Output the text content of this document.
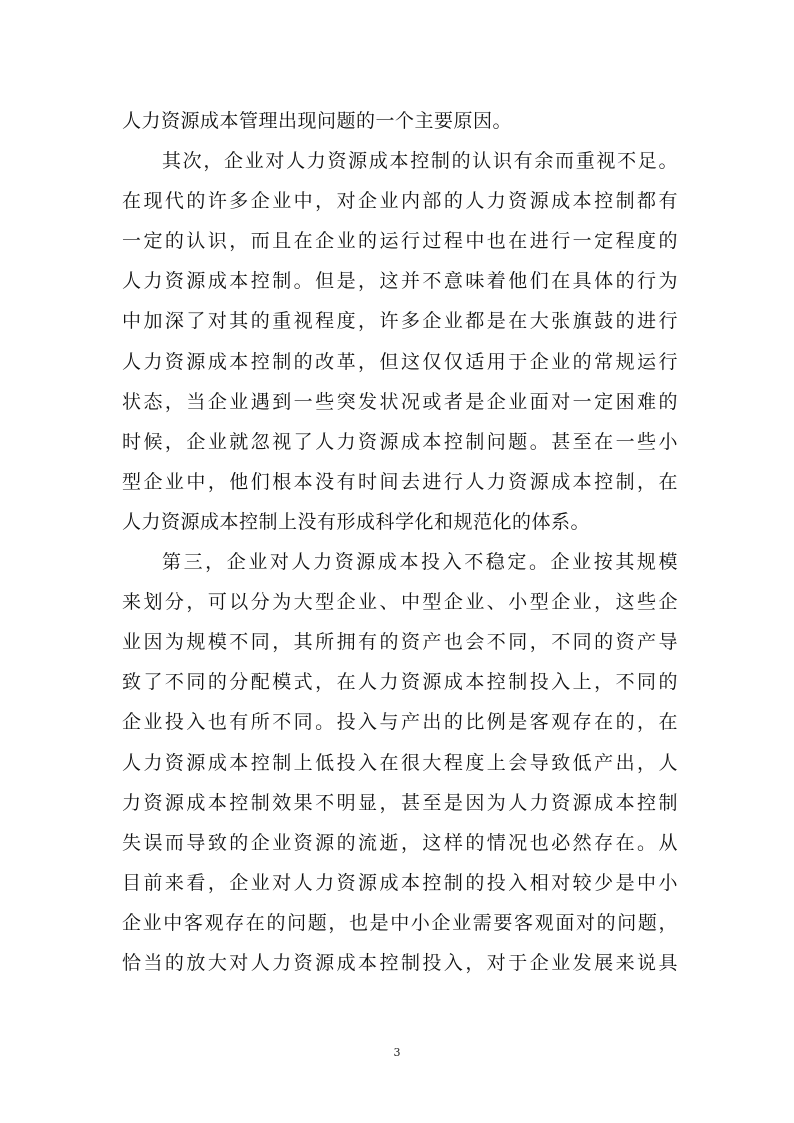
人力资源成本管理出现问题的一个主要原因。
其次，企业对人力资源成本控制的认识有余而重视不足。
在现代的许多企业中，对企业内部的人力资源成本控制都有
一定的认识，而且在企业的运行过程中也在进行一定程度的
人力资源成本控制。但是，这并不意味着他们在具体的行为
中加深了对其的重视程度，许多企业都是在大张旗鼓的进行
人力资源成本控制的改革，但这仅仅适用于企业的常规运行
状态，当企业遇到一些突发状况或者是企业面对一定困难的
时候，企业就忽视了人力资源成本控制问题。甚至在一些小
型企业中，他们根本没有时间去进行人力资源成本控制，在
人力资源成本控制上没有形成科学化和规范化的体系。
第三，企业对人力资源成本投入不稳定。企业按其规模
来划分，可以分为大型企业、中型企业、小型企业，这些企
业因为规模不同，其所拥有的资产也会不同，不同的资产导
致了不同的分配模式，在人力资源成本控制投入上，不同的
企业投入也有所不同。投入与产出的比例是客观存在的，在
人力资源成本控制上低投入在很大程度上会导致低产出，人
力资源成本控制效果不明显，甚至是因为人力资源成本控制
失误而导致的企业资源的流逝，这样的情况也必然存在。从
目前来看，企业对人力资源成本控制的投入相对较少是中小
企业中客观存在的问题，也是中小企业需要客观面对的问题，
恰当的放大对人力资源成本控制投入，对于企业发展来说具
3
